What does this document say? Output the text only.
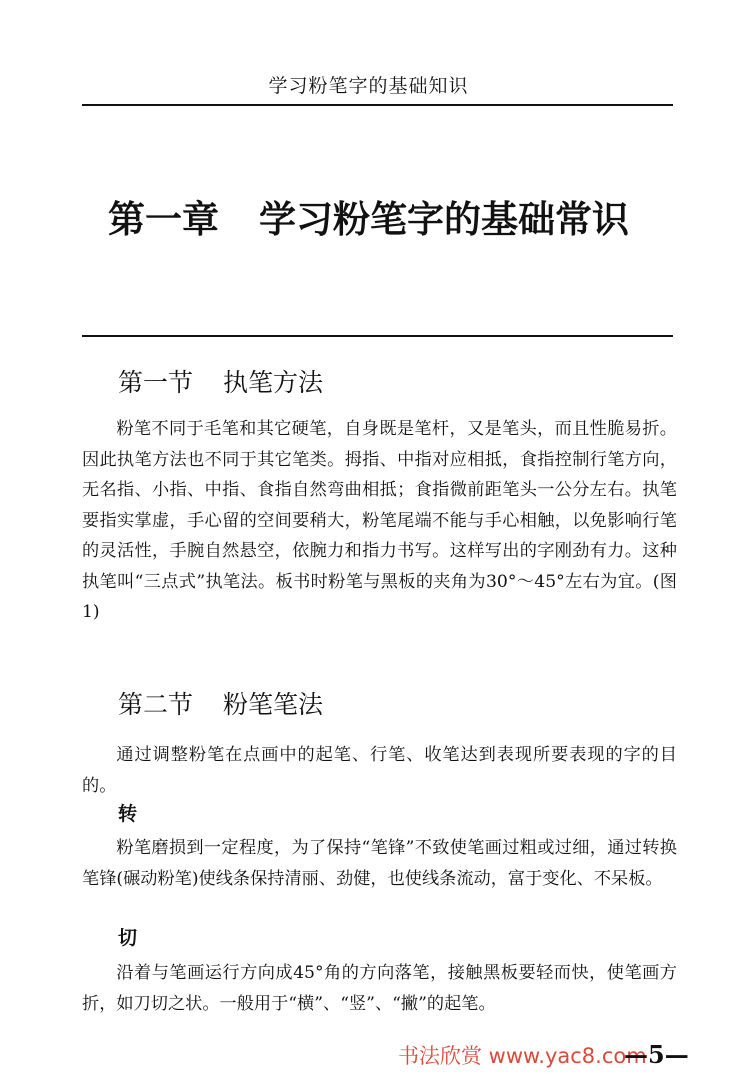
学习粉笔字的基础知识
第一章 学习粉笔字的基础常识
第一节 执笔方法

粉笔不同于毛笔和其它硬笔，自身既是笔杆，又是笔头，而且性脆易折。因此执笔方法也不同于其它笔类。拇指、中指对应相抵，食指控制行笔方向，无名指、小指、中指、食指自然弯曲相抵；食指微前距笔头一公分左右。执笔要指实掌虚，手心留的空间要稍大，粉笔尾端不能与手心相触，以免影响行笔的灵活性，手腕自然悬空，依腕力和指力书写。这样写出的字刚劲有力。这种执笔叫“三点式”执笔法。板书时粉笔与黑板的夹角为30°～45°左右为宜。(图1)

第二节 粉笔笔法

通过调整粉笔在点画中的起笔、行笔、收笔达到表现所要表现的字的目的。

转

粉笔磨损到一定程度，为了保持“笔锋”不致使笔画过粗或过细，通过转换笔锋(碾动粉笔)使线条保持清丽、劲健，也使线条流动，富于变化、不呆板。

切

沿着与笔画运行方向成45°角的方向落笔，接触黑板要轻而快，使笔画方折，如刀切之状。一般用于“横”、“竖”、“撇”的起笔。

书法欣赏 www.yac8.com
—5—
